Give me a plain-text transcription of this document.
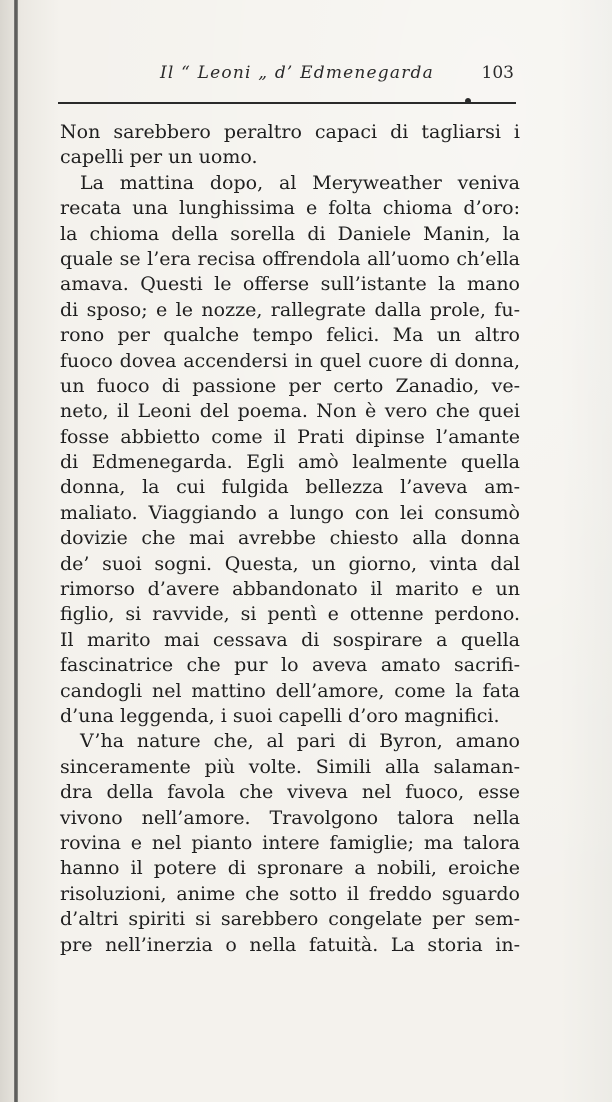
Il “ Leoni „ d’ Edmenegarda	103
Non sarebbero peraltro capaci di tagliarsi i
capelli per un uomo.
La mattina dopo, al Meryweather veniva
recata una lunghissima e folta chioma d’oro:
la chioma della sorella di Daniele Manin, la
quale se l’era recisa offrendola all’uomo ch’ella
amava. Questi le offerse sull’istante la mano
di sposo; e le nozze, rallegrate dalla prole, fu-
rono per qualche tempo felici. Ma un altro
fuoco dovea accendersi in quel cuore di donna,
un fuoco di passione per certo Zanadio, ve-
neto, il Leoni del poema. Non è vero che quei
fosse abbietto come il Prati dipinse l’amante
di Edmenegarda. Egli amò lealmente quella
donna, la cui fulgida bellezza l’aveva am-
maliato. Viaggiando a lungo con lei consumò
dovizie che mai avrebbe chiesto alla donna
de’ suoi sogni. Questa, un giorno, vinta dal
rimorso d’avere abbandonato il marito e un
figlio, si ravvide, si pentì e ottenne perdono.
Il marito mai cessava di sospirare a quella
fascinatrice che pur lo aveva amato sacrifi-
candogli nel mattino dell’amore, come la fata
d’una leggenda, i suoi capelli d’oro magnifici.
V’ha nature che, al pari di Byron, amano
sinceramente più volte. Simili alla salaman-
dra della favola che viveva nel fuoco, esse
vivono nell’amore. Travolgono talora nella
rovina e nel pianto intere famiglie; ma talora
hanno il potere di spronare a nobili, eroiche
risoluzioni, anime che sotto il freddo sguardo
d’altri spiriti si sarebbero congelate per sem-
pre nell’inerzia o nella fatuità. La storia in-
